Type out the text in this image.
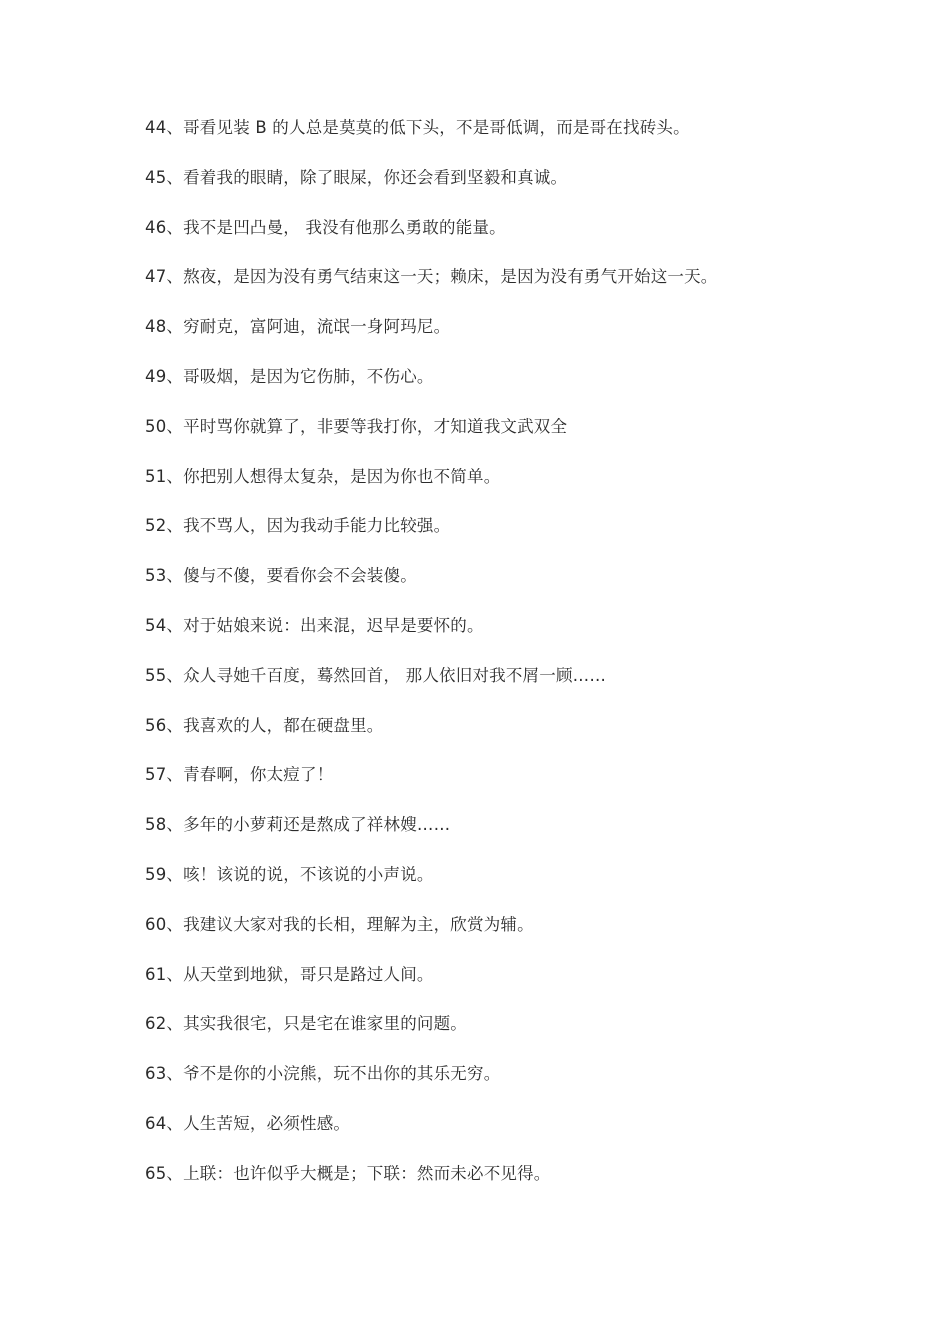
44、哥看见装 B 的人总是莫莫的低下头，不是哥低调，而是哥在找砖头。
45、看着我的眼睛，除了眼屎，你还会看到坚毅和真诚。
46、我不是凹凸曼， 我没有他那么勇敢的能量。
47、熬夜，是因为没有勇气结束这一天；赖床，是因为没有勇气开始这一天。
48、穷耐克，富阿迪，流氓一身阿玛尼。
49、哥吸烟，是因为它伤肺，不伤心。
50、平时骂你就算了，非要等我打你，才知道我文武双全
51、你把别人想得太复杂，是因为你也不简单。
52、我不骂人，因为我动手能力比较强。
53、傻与不傻，要看你会不会装傻。
54、对于姑娘来说：出来混，迟早是要怀的。
55、众人寻她千百度，蓦然回首， 那人依旧对我不屑一顾……
56、我喜欢的人，都在硬盘里。
57、青春啊，你太痘了！
58、多年的小萝莉还是熬成了祥林嫂……
59、咳！该说的说，不该说的小声说。
60、我建议大家对我的长相，理解为主，欣赏为辅。
61、从天堂到地狱，哥只是路过人间。
62、其实我很宅，只是宅在谁家里的问题。
63、爷不是你的小浣熊，玩不出你的其乐无穷。
64、人生苦短，必须性感。
65、上联：也许似乎大概是；下联：然而未必不见得。
